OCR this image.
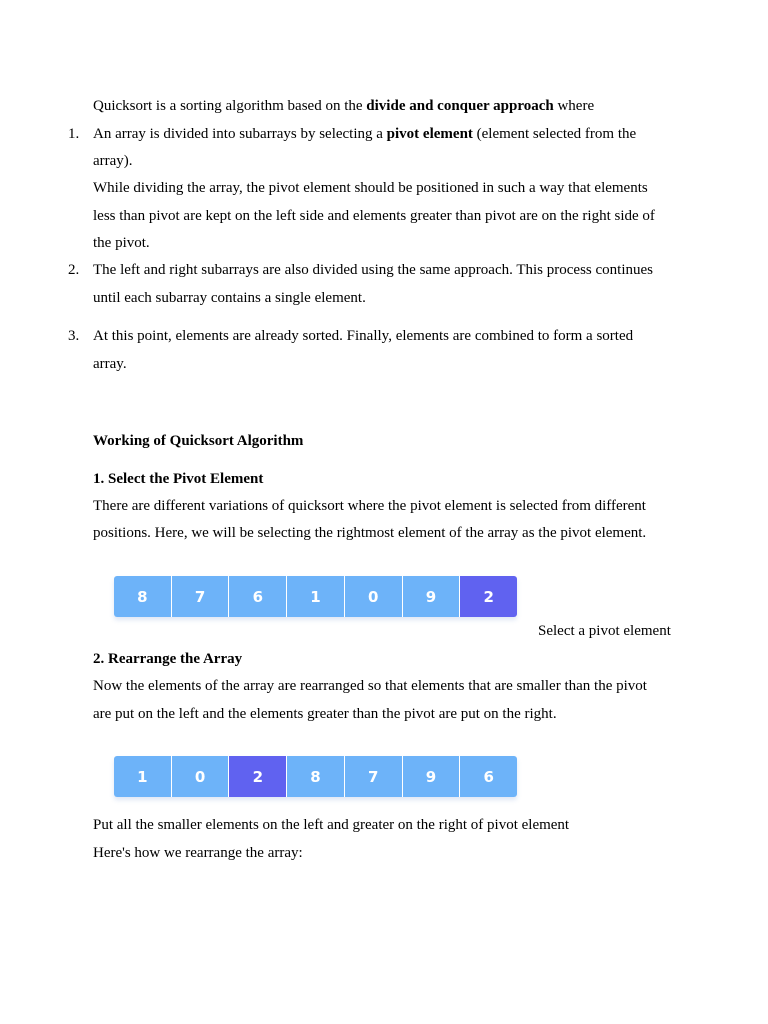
Quicksort is a sorting algorithm based on the divide and conquer approach where
1. An array is divided into subarrays by selecting a pivot element (element selected from the
array).
While dividing the array, the pivot element should be positioned in such a way that elements
less than pivot are kept on the left side and elements greater than pivot are on the right side of
the pivot.
2. The left and right subarrays are also divided using the same approach. This process continues
until each subarray contains a single element.
3. At this point, elements are already sorted. Finally, elements are combined to form a sorted
array.
Working of Quicksort Algorithm
1. Select the Pivot Element
There are different variations of quicksort where the pivot element is selected from different
positions. Here, we will be selecting the rightmost element of the array as the pivot element.
8	7	6	1	0	9	2
Select a pivot element
2. Rearrange the Array
Now the elements of the array are rearranged so that elements that are smaller than the pivot
are put on the left and the elements greater than the pivot are put on the right.
1	0	2	8	7	9	6
Put all the smaller elements on the left and greater on the right of pivot element
Here's how we rearrange the array:
